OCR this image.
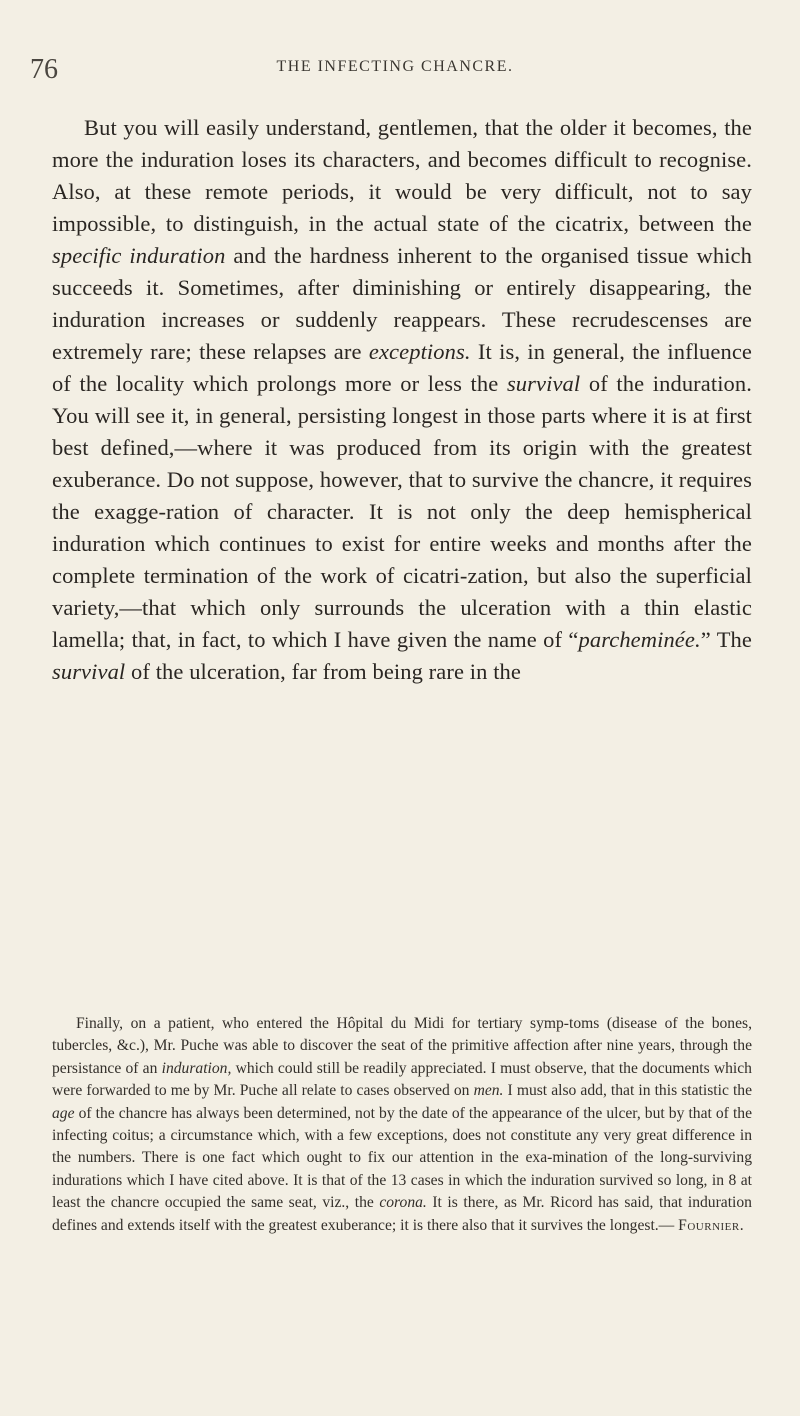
76	THE INFECTING CHANCRE.

But you will easily understand, gentlemen, that the older it becomes, the more the induration loses its characters, and becomes difficult to recognise. Also, at these remote periods, it would be very difficult, not to say impossible, to distinguish, in the actual state of the cicatrix, between the specific induration and the hardness inherent to the organised tissue which succeeds it. Sometimes, after diminishing or entirely disappearing, the induration increases or suddenly reappears. These recrudescenses are extremely rare; these relapses are exceptions. It is, in general, the influence of the locality which prolongs more or less the survival of the induration. You will see it, in general, persisting longest in those parts where it is at first best defined,—where it was produced from its origin with the greatest exuberance. Do not suppose, however, that to survive the chancre, it requires the exagge-ration of character. It is not only the deep hemispherical induration which continues to exist for entire weeks and months after the complete termination of the work of cicatri-zation, but also the superficial variety,—that which only surrounds the ulceration with a thin elastic lamella; that, in fact, to which I have given the name of “parcheminée.” The survival of the ulceration, far from being rare in the

Finally, on a patient, who entered the Hôpital du Midi for tertiary symp-toms (disease of the bones, tubercles, &c.), Mr. Puche was able to discover the seat of the primitive affection after nine years, through the persistance of an induration, which could still be readily appreciated. I must observe, that the documents which were forwarded to me by Mr. Puche all relate to cases observed on men. I must also add, that in this statistic the age of the chancre has always been determined, not by the date of the appearance of the ulcer, but by that of the infecting coitus; a circumstance which, with a few exceptions, does not constitute any very great difference in the numbers. There is one fact which ought to fix our attention in the exa-mination of the long-surviving indurations which I have cited above. It is that of the 13 cases in which the induration survived so long, in 8 at least the chancre occupied the same seat, viz., the corona. It is there, as Mr. Ricord has said, that induration defines and extends itself with the greatest exuberance; it is there also that it survives the longest.— Fournier.
